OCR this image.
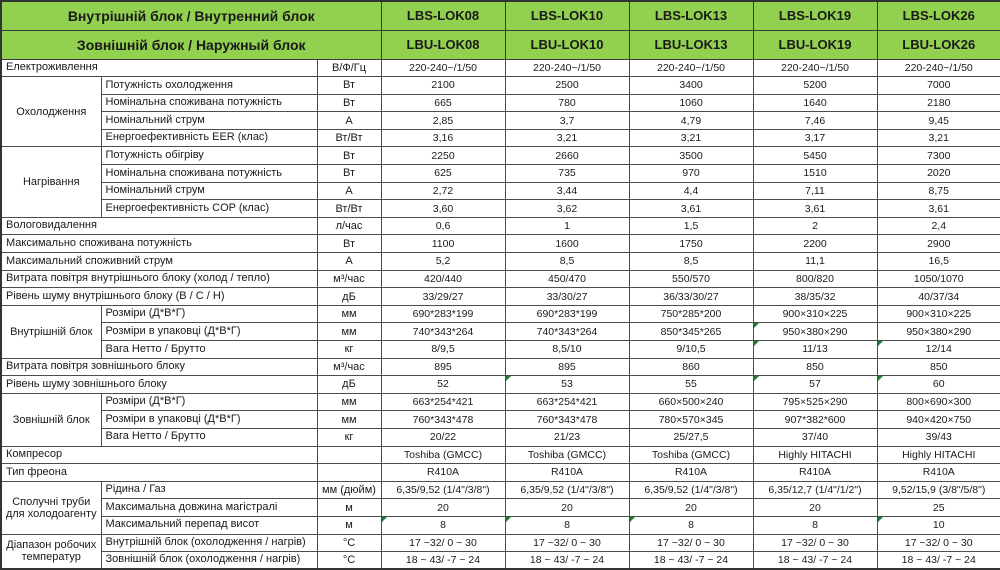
Внутрішній блок / Внутренний блок			LBS-LOK08	LBS-LOK10	LBS-LOK13	LBS-LOK19	LBS-LOK26
Зовнішній блок / Наружный блок			LBU-LOK08	LBU-LOK10	LBU-LOK13	LBU-LOK19	LBU-LOK26
Електроживлення		В/Ф/Гц	220-240~/1/50	220-240~/1/50	220-240~/1/50	220-240~/1/50	220-240~/1/50
Охолодження	Потужність охолодження	Вт	2100	2500	3400	5200	7000
	Номінальна споживана потужність	Вт	665	780	1060	1640	2180
	Номінальний струм	А	2,85	3,7	4,79	7,46	9,45
	Енергоефективність EER (клас)	Вт/Вт	3,16	3,21	3,21	3,17	3,21
Нагрівання	Потужність обігріву	Вт	2250	2660	3500	5450	7300
	Номінальна споживана потужність	Вт	625	735	970	1510	2020
	Номінальний струм	А	2,72	3,44	4,4	7,11	8,75
	Енергоефективність COP (клас)	Вт/Вт	3,60	3,62	3,61	3,61	3,61
Вологовидалення		л/час	0,6	1	1,5	2	2,4
Максимально споживана потужність		Вт	1100	1600	1750	2200	2900
Максимальний споживний струм		А	5,2	8,5	8,5	11,1	16,5
Витрата повітря внутрішнього блоку (холод / тепло)		м³/час	420/440	450/470	550/570	800/820	1050/1070
Рівень шуму внутрішнього блоку (В / С / Н)		дБ	33/29/27	33/30/27	36/33/30/27	38/35/32	40/37/34
Внутрішній блок	Розміри (Д*В*Г)	мм	690*283*199	690*283*199	750*285*200	900×310×225	900×310×225
	Розміри в упаковці (Д*В*Г)	мм	740*343*264	740*343*264	850*345*265	950×380×290	950×380×290
	Вага Нетто / Брутто	кг	8/9,5	8,5/10	9/10,5	11/13	12/14
Витрата повітря зовнішнього блоку		м³/час	895	895	860	850	850
Рівень шуму зовнішнього блоку		дБ	52	53	55	57	60
Зовнішній блок	Розміри (Д*В*Г)	мм	663*254*421	663*254*421	660×500×240	795×525×290	800×690×300
	Розміри в упаковці (Д*В*Г)	мм	760*343*478	760*343*478	780×570×345	907*382*600	940×420×750
	Вага Нетто / Брутто	кг	20/22	21/23	25/27,5	37/40	39/43
Компресор			Toshiba (GMCC)	Toshiba (GMCC)	Toshiba (GMCC)	Highly HITACHI	Highly HITACHI
Тип фреона			R410A	R410A	R410A	R410A	R410A
Сполучні труби для холодоагенту	Рідина / Газ	мм (дюйм)	6,35/9,52 (1/4"/3/8")	6,35/9,52 (1/4"/3/8")	6,35/9,52 (1/4"/3/8")	6,35/12,7 (1/4"/1/2")	9,52/15,9 (3/8"/5/8")
	Максимальна довжина магістралі	м	20	20	20	20	25
	Максимальний перепад висот	м	8	8	8	8	10
Діапазон робочих температур	Внутрішній блок (охолодження / нагрів)	°С	17 ~32/ 0 ~ 30	17 ~32/ 0 ~ 30	17 ~32/ 0 ~ 30	17 ~32/ 0 ~ 30	17 ~32/ 0 ~ 30
	Зовнішній блок (охолодження / нагрів)	°С	18 ~ 43/ -7 ~ 24	18 ~ 43/ -7 ~ 24	18 ~ 43/ -7 ~ 24	18 ~ 43/ -7 ~ 24	18 ~ 43/ -7 ~ 24
